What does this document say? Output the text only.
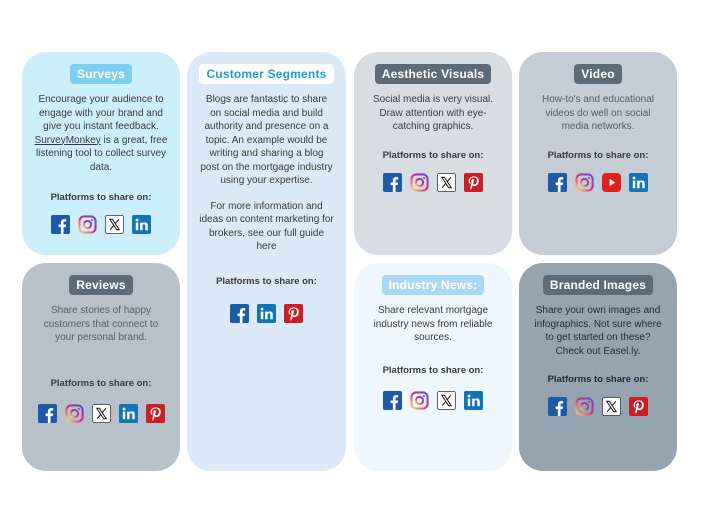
Surveys

Encourage your audience to engage with your brand and give you instant feedback. SurveyMonkey is a great, free listening tool to collect survey data.

Platforms to share on:

Customer Segments

Blogs are fantastic to share on social media and build authority and presence on a topic. An example would be writing and sharing a blog post on the mortgage industry using your expertise.

For more information and ideas on content marketing for brokers, see our full guide here

Platforms to share on:

Aesthetic Visuals

Social media is very visual. Draw attention with eye-catching graphics.

Platforms to share on:

Video

How-to's and educational videos do well on social media networks.

Platforms to share on:

Reviews

Share stories of happy customers that connect to your personal brand.

Platforms to share on:

Industry News:

Share relevant mortgage industry news from reliable sources.

Platforms to share on:

Branded Images

Share your own images and infographics. Not sure where to get started on these? Check out Easel.ly.

Platforms to share on:
